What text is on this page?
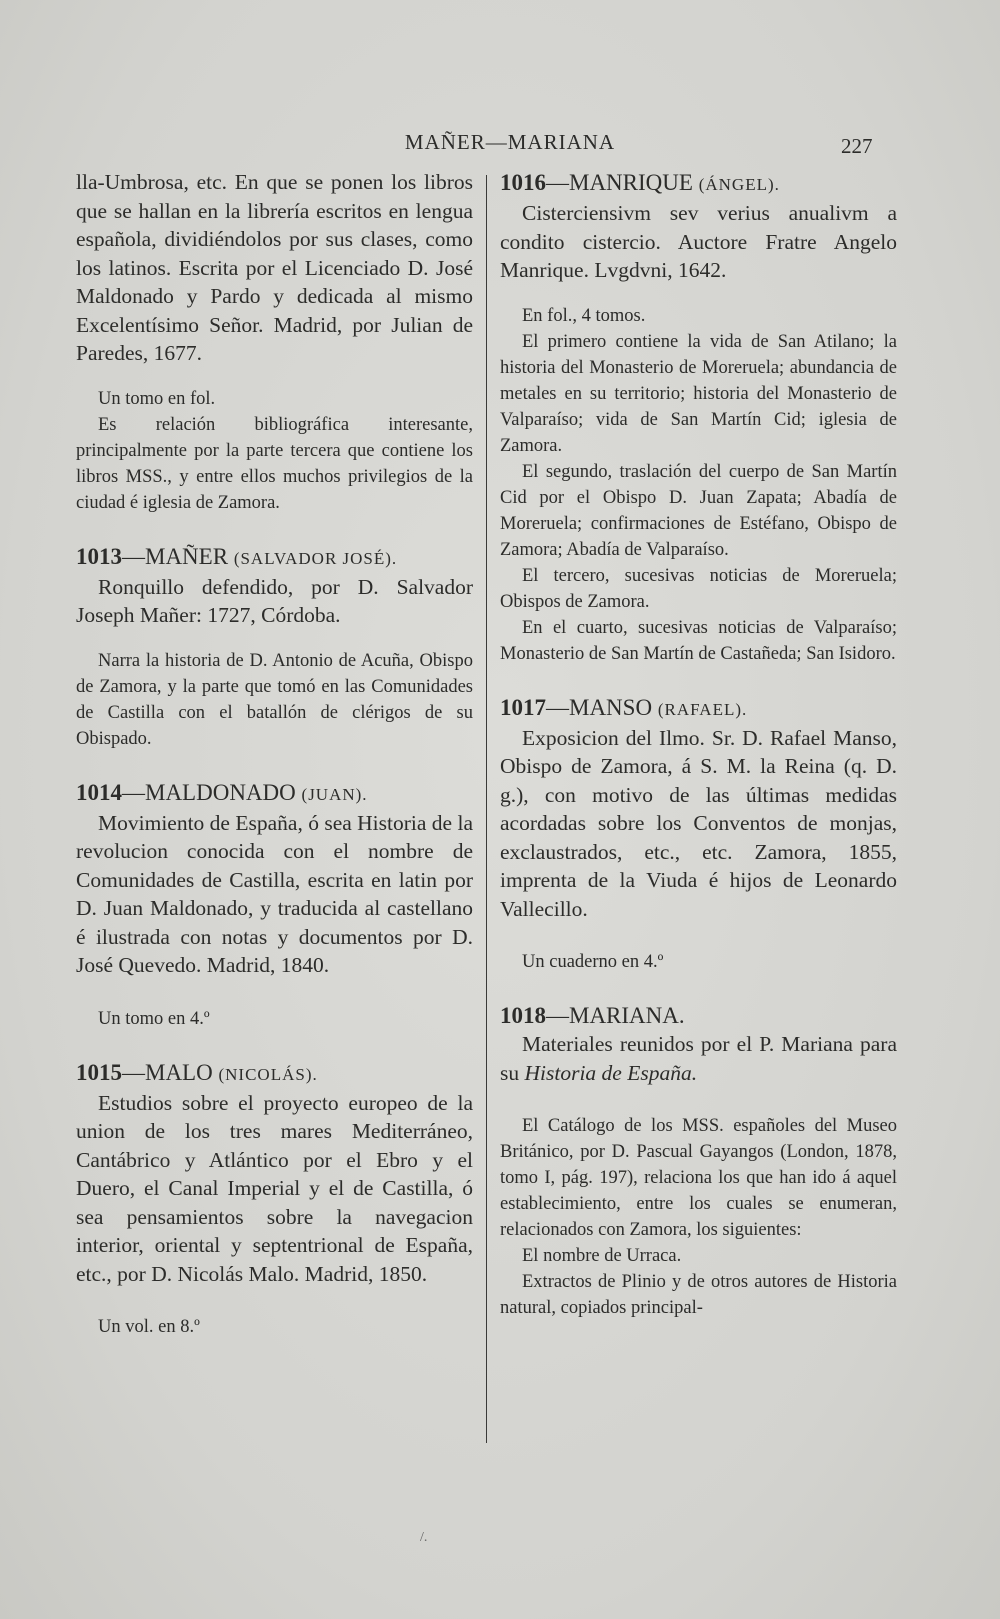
MAÑER—MARIANA	227

lla-Umbrosa, etc. En que se ponen los libros que se hallan en la librería escritos en lengua española, dividiéndolos por sus clases, como los latinos. Escrita por el Licenciado D. José Maldonado y Pardo y dedicada al mismo Excelentísimo Señor. Madrid, por Julian de Paredes, 1677.

Un tomo en fol.

Es relación bibliográfica interesante, principalmente por la parte tercera que contiene los libros MSS., y entre ellos muchos privilegios de la ciudad é iglesia de Zamora.

1013—MAÑER (SALVADOR JOSÉ).

Ronquillo defendido, por D. Salvador Joseph Mañer: 1727, Córdoba.

Narra la historia de D. Antonio de Acuña, Obispo de Zamora, y la parte que tomó en las Comunidades de Castilla con el batallón de clérigos de su Obispado.

1014—MALDONADO (JUAN).

Movimiento de España, ó sea Historia de la revolucion conocida con el nombre de Comunidades de Castilla, escrita en latin por D. Juan Maldonado, y traducida al castellano é ilustrada con notas y documentos por D. José Quevedo. Madrid, 1840.

Un tomo en 4.º

1015—MALO (NICOLÁS).

Estudios sobre el proyecto europeo de la union de los tres mares Mediterráneo, Cantábrico y Atlántico por el Ebro y el Duero, el Canal Imperial y el de Castilla, ó sea pensamientos sobre la navegacion interior, oriental y septentrional de España, etc., por D. Nicolás Malo. Madrid, 1850.

Un vol. en 8.º

1016—MANRIQUE (ÁNGEL).

Cisterciensivm sev verius anualivm a condito cistercio. Auctore Fratre Angelo Manrique. Lvgdvni, 1642.

En fol., 4 tomos.

El primero contiene la vida de San Atilano; la historia del Monasterio de Moreruela; abundancia de metales en su territorio; historia del Monasterio de Valparaíso; vida de San Martín Cid; iglesia de Zamora.

El segundo, traslación del cuerpo de San Martín Cid por el Obispo D. Juan Zapata; Abadía de Moreruela; confirmaciones de Estéfano, Obispo de Zamora; Abadía de Valparaíso.

El tercero, sucesivas noticias de Moreruela; Obispos de Zamora.

En el cuarto, sucesivas noticias de Valparaíso; Monasterio de San Martín de Castañeda; San Isidoro.

1017—MANSO (RAFAEL).

Exposicion del Ilmo. Sr. D. Rafael Manso, Obispo de Zamora, á S. M. la Reina (q. D. g.), con motivo de las últimas medidas acordadas sobre los Conventos de monjas, exclaustrados, etc., etc. Zamora, 1855, imprenta de la Viuda é hijos de Leonardo Vallecillo.

Un cuaderno en 4.º

1018—MARIANA.

Materiales reunidos por el P. Mariana para su Historia de España.

El Catálogo de los MSS. españoles del Museo Británico, por D. Pascual Gayangos (London, 1878, tomo I, pág. 197), relaciona los que han ido á aquel establecimiento, entre los cuales se enumeran, relacionados con Zamora, los siguientes:

El nombre de Urraca.

Extractos de Plinio y de otros autores de Historia natural, copiados principal-

/.
